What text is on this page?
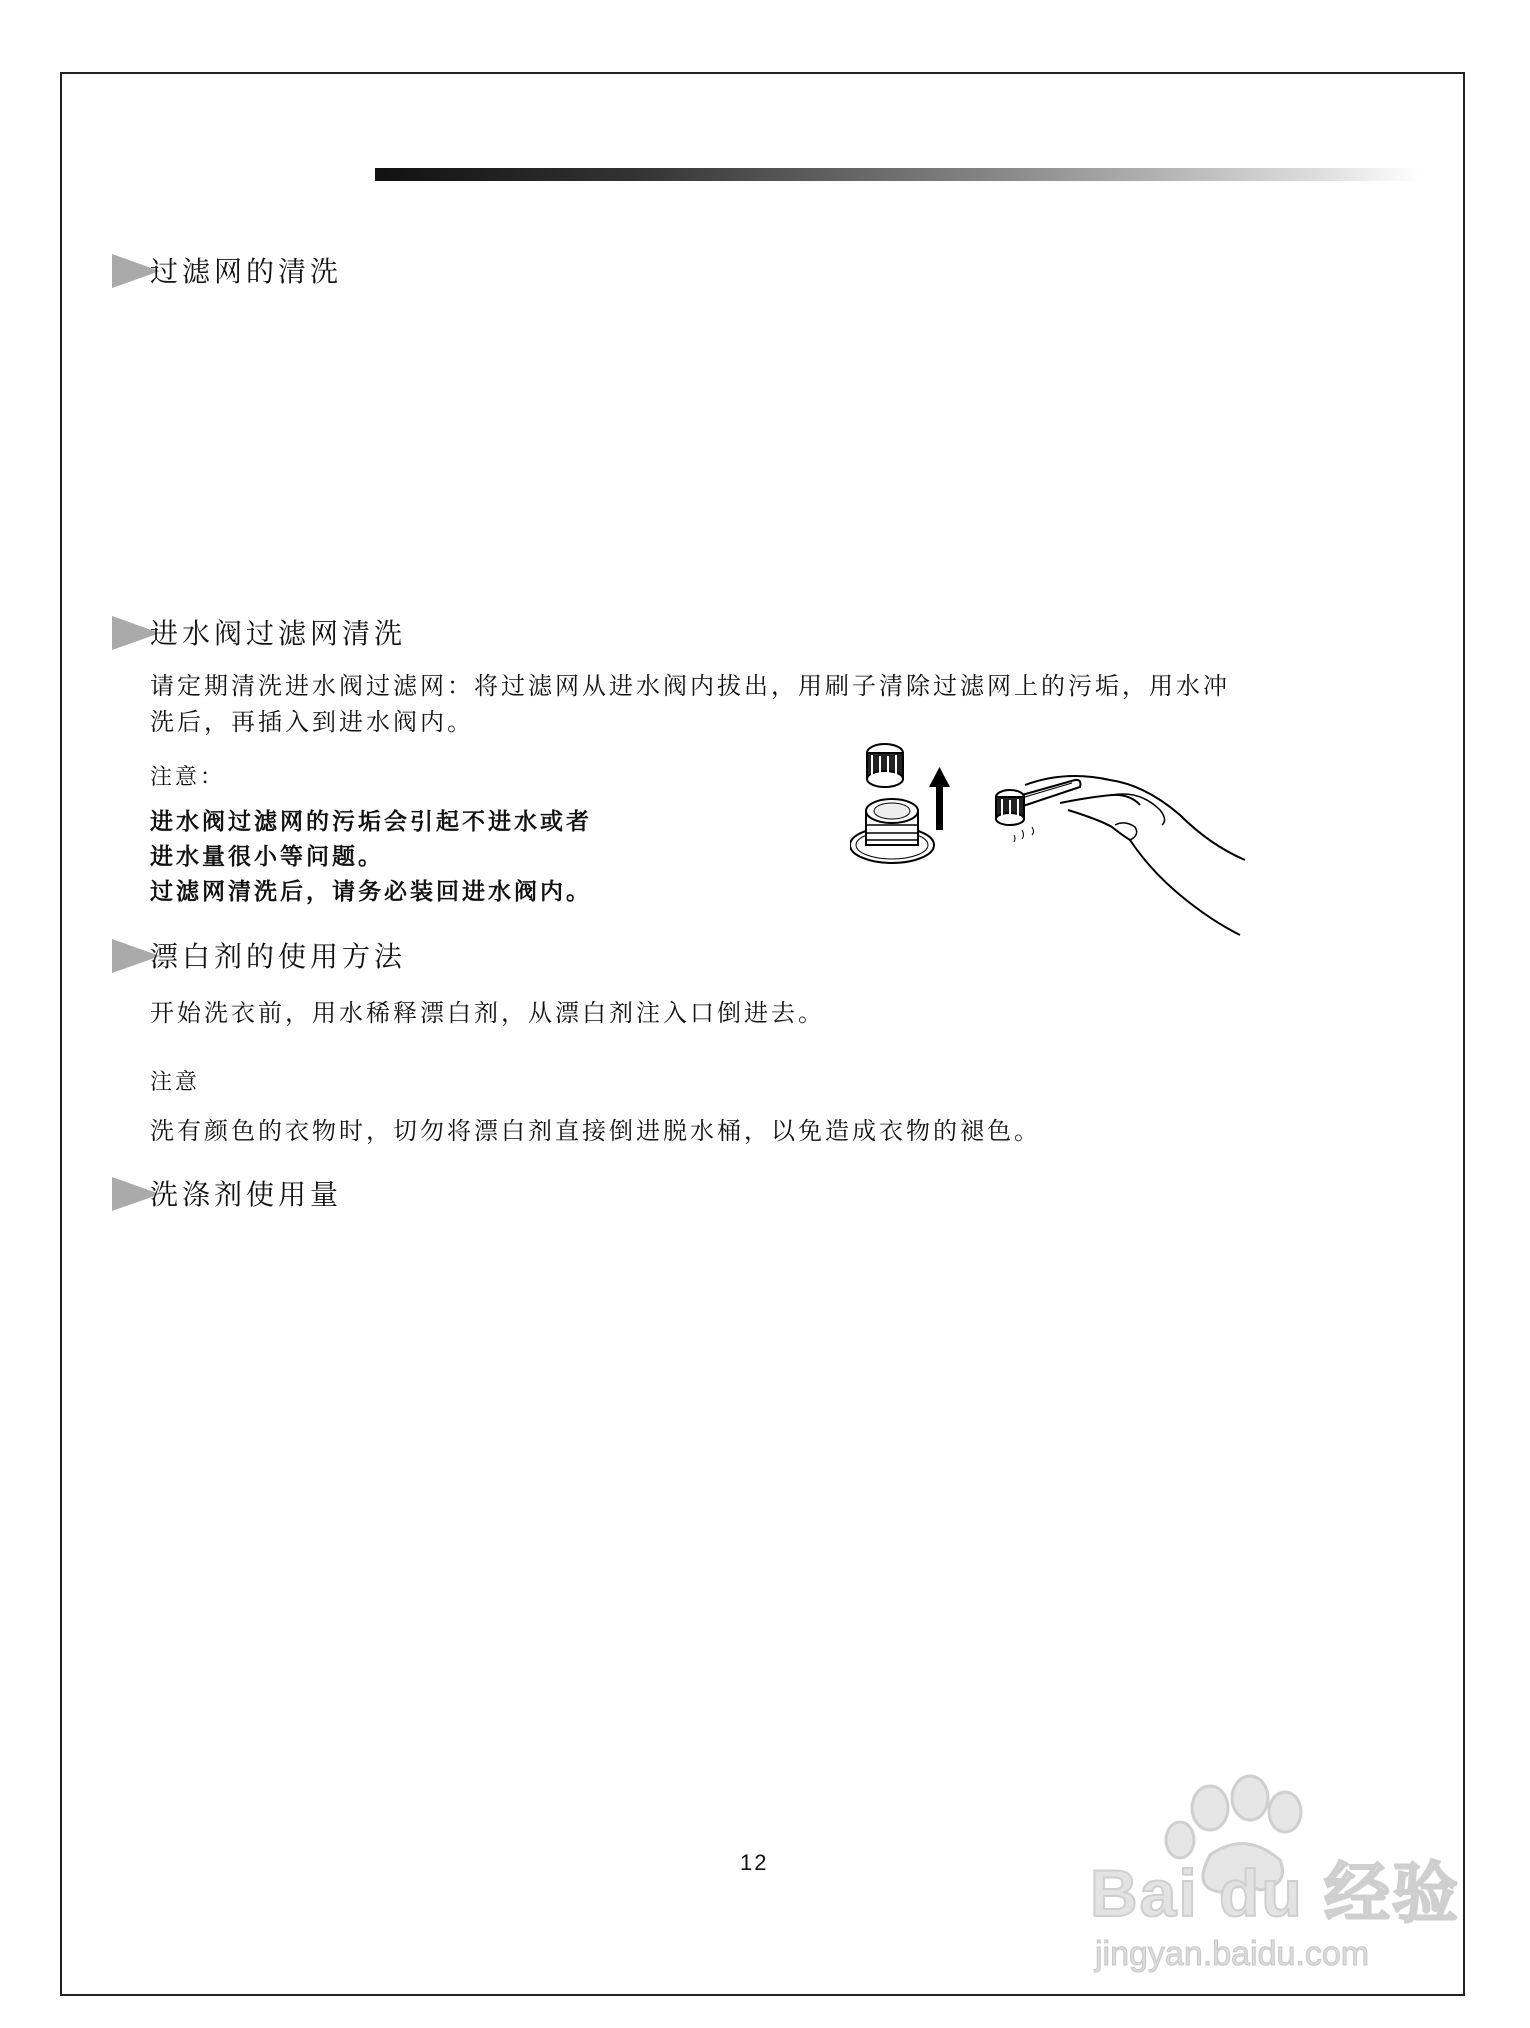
过滤网的清洗
进水阀过滤网清洗

请定期清洗进水阀过滤网：将过滤网从进水阀内拔出，用刷子清除过滤网上的污垢，用水冲

洗后，再插入到进水阀内。

注意：
进水阀过滤网的污垢会引起不进水或者
进水量很小等问题。
过滤网清洗后，请务必装回进水阀内。
漂白剂的使用方法

开始洗衣前，用水稀释漂白剂，从漂白剂注入口倒进去。

注意

洗有颜色的衣物时，切勿将漂白剂直接倒进脱水桶，以免造成衣物的褪色。

洗涤剂使用量
12	Bai du 经验
jingyan.baidu.com
